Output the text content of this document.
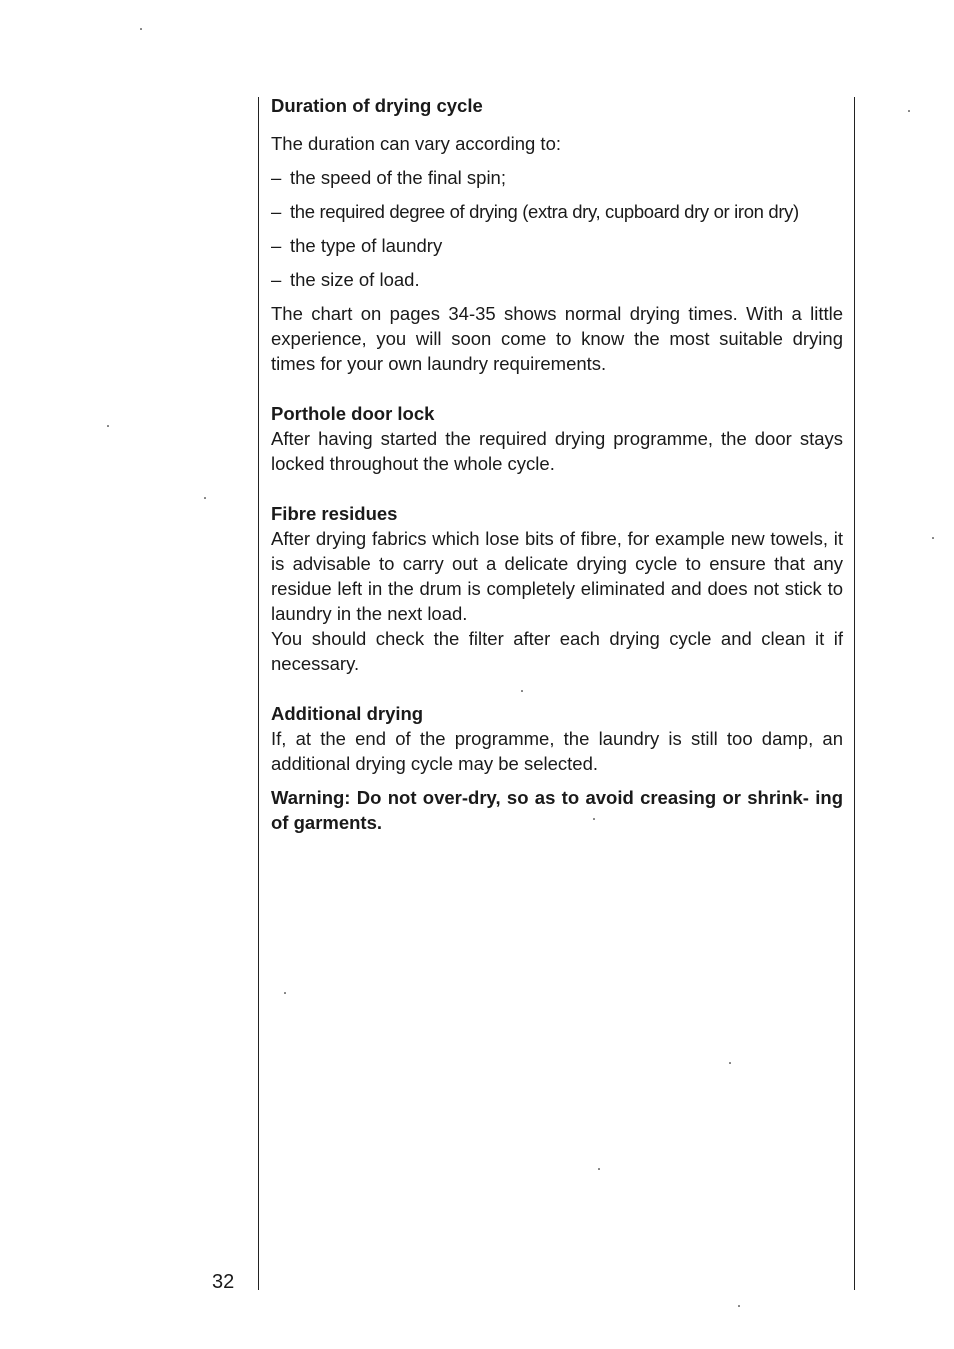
Duration of drying cycle

The duration can vary according to:

– the speed of the final spin;
– the required degree of drying (extra dry, cupboard dry or iron dry)
– the type of laundry
– the size of load.

The chart on pages 34-35 shows normal drying times. With a little experience, you will soon come to know the most suitable drying times for your own laundry requirements.

Porthole door lock

After having started the required drying programme, the door stays locked throughout the whole cycle.

Fibre residues

After drying fabrics which lose bits of fibre, for example new towels, it is advisable to carry out a delicate drying cycle to ensure that any residue left in the drum is completely eliminated and does not stick to laundry in the next load.

You should check the filter after each drying cycle and clean it if necessary.

Additional drying

If, at the end of the programme, the laundry is still too damp, an additional drying cycle may be selected.

Warning: Do not over-dry, so as to avoid creasing or shrink- ing of garments.

32
